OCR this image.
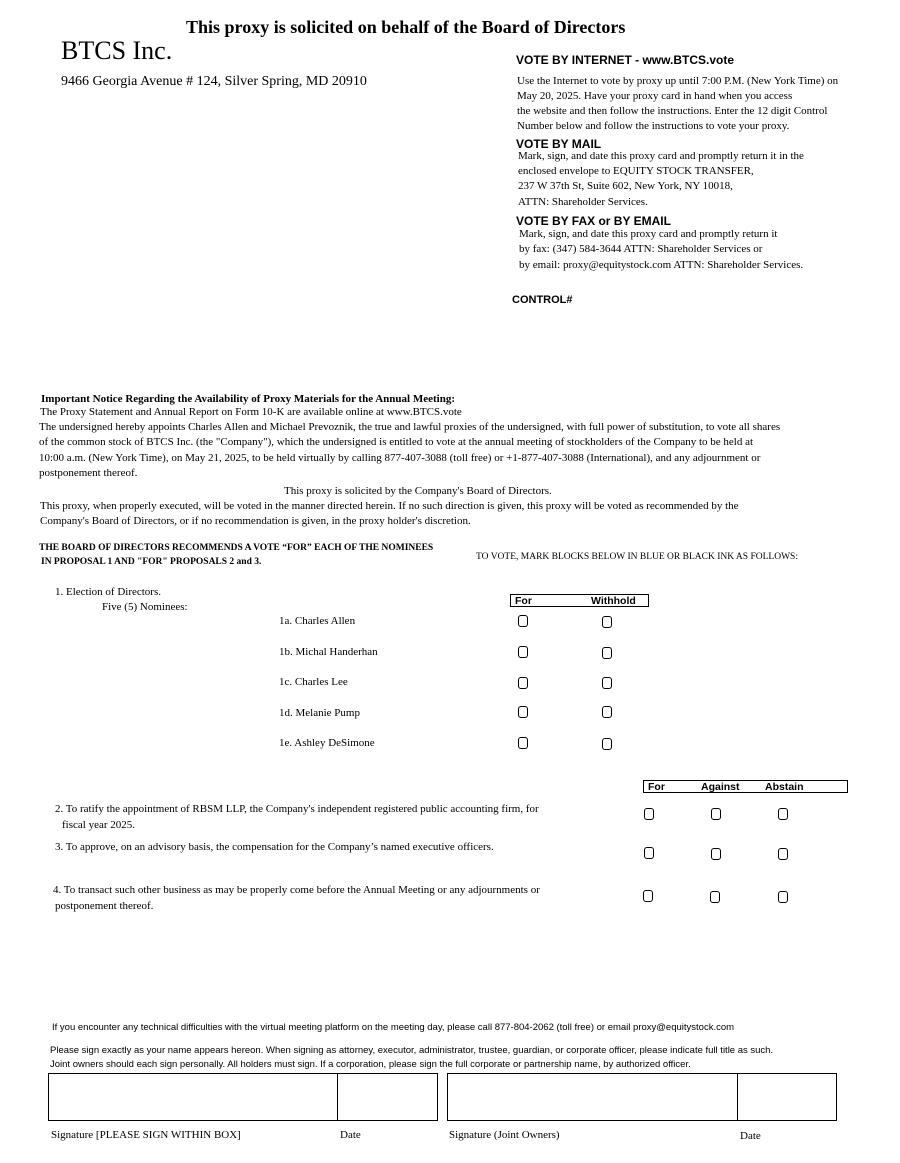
This proxy is solicited on behalf of the Board of Directors
BTCS Inc.
9466 Georgia Avenue # 124, Silver Spring, MD 20910
VOTE BY INTERNET - www.BTCS.vote
Use the Internet to vote by proxy up until 7:00 P.M. (New York Time) on
May 20, 2025. Have your proxy card in hand when you access
the website and then follow the instructions. Enter the 12 digit Control
Number below and follow the instructions to vote your proxy.
VOTE BY MAIL
Mark, sign, and date this proxy card and promptly return it in the
enclosed envelope to EQUITY STOCK TRANSFER,
237 W 37th St, Suite 602, New York, NY 10018,
ATTN: Shareholder Services.
VOTE BY FAX or BY EMAIL
Mark, sign, and date this proxy card and promptly return it
by fax: (347) 584-3644 ATTN: Shareholder Services or
by email: proxy@equitystock.com ATTN: Shareholder Services.
CONTROL#
Important Notice Regarding the Availability of Proxy Materials for the Annual Meeting:
The Proxy Statement and Annual Report on Form 10-K are available online at www.BTCS.vote
The undersigned hereby appoints Charles Allen and Michael Prevoznik, the true and lawful proxies of the undersigned, with full power of substitution, to vote all shares
of the common stock of BTCS Inc. (the "Company"), which the undersigned is entitled to vote at the annual meeting of stockholders of the Company to be held at
10:00 a.m. (New York Time), on May 21, 2025, to be held virtually by calling 877-407-3088 (toll free) or +1-877-407-3088 (International), and any adjournment or
postponement thereof.
This proxy is solicited by the Company's Board of Directors.
This proxy, when properly executed, will be voted in the manner directed herein. If no such direction is given, this proxy will be voted as recommended by the
Company's Board of Directors, or if no recommendation is given, in the proxy holder's discretion.
THE BOARD OF DIRECTORS RECOMMENDS A VOTE “FOR” EACH OF THE NOMINEES
IN PROPOSAL 1 AND "FOR" PROPOSALS 2 and 3.	TO VOTE, MARK BLOCKS BELOW IN BLUE OR BLACK INK AS FOLLOWS:
1. Election of Directors.
Five (5) Nominees:	For	Withhold
1a. Charles Allen
1b. Michal Handerhan
1c. Charles Lee
1d. Melanie Pump
1e. Ashley DeSimone
For	Against Abstain
2. To ratify the appointment of RBSM LLP, the Company's independent registered public accounting firm, for
fiscal year 2025.
3. To approve, on an advisory basis, the compensation for the Company’s named executive officers.
4. To transact such other business as may be properly come before the Annual Meeting or any adjournments or
postponement thereof.
If you encounter any technical difficulties with the virtual meeting platform on the meeting day, please call 877-804-2062 (toll free) or email proxy@equitystock.com
Please sign exactly as your name appears hereon. When signing as attorney, executor, administrator, trustee, guardian, or corporate officer, please indicate full title as such.
Joint owners should each sign personally. All holders must sign. If a corporation, please sign the full corporate or partnership name, by authorized officer.
Signature [PLEASE SIGN WITHIN BOX]	Date	Signature (Joint Owners)	Date
